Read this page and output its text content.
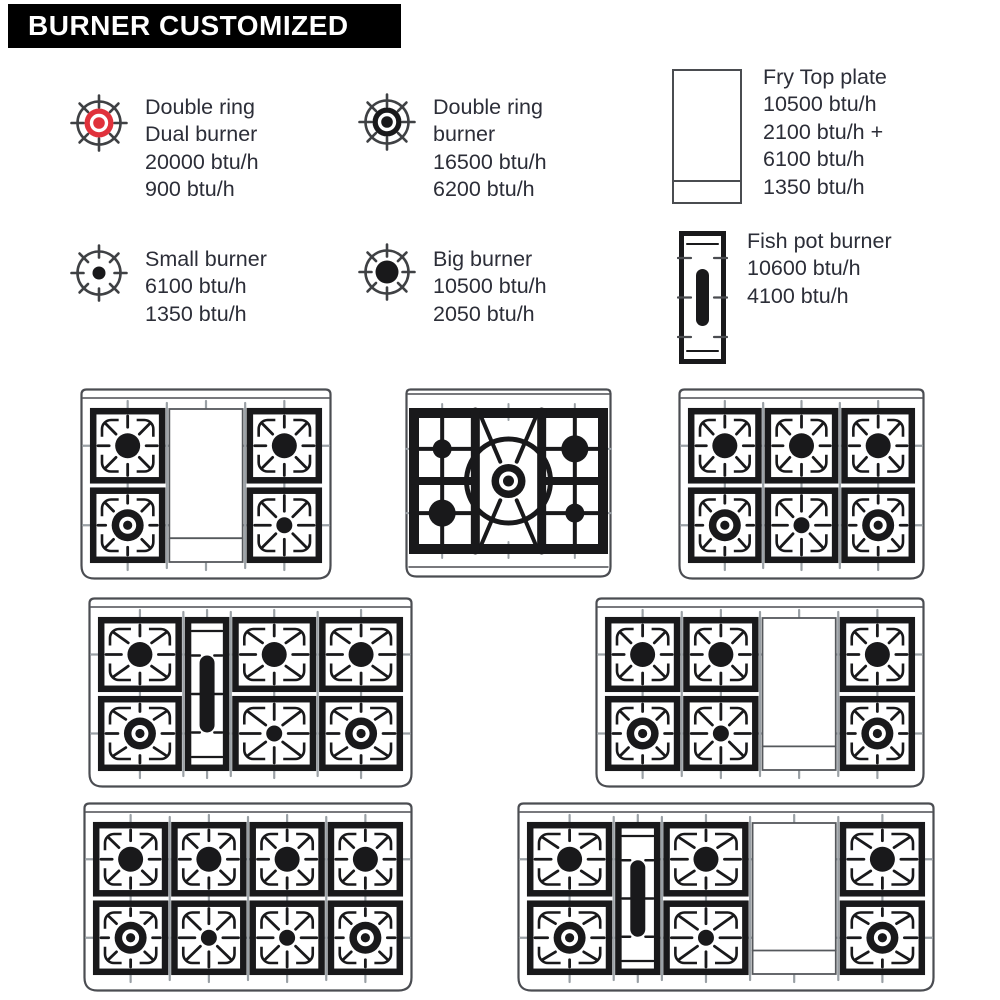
BURNER CUSTOMIZED
Double ring
Dual burner
20000 btu/h
900 btu/h
Double ring
burner
16500 btu/h
6200 btu/h
Fry Top plate
10500 btu/h
2100 btu/h +
6100 btu/h
1350 btu/h
Small burner
6100 btu/h
1350 btu/h
Big burner
10500 btu/h
2050 btu/h
Fish pot burner
10600 btu/h
4100 btu/h
